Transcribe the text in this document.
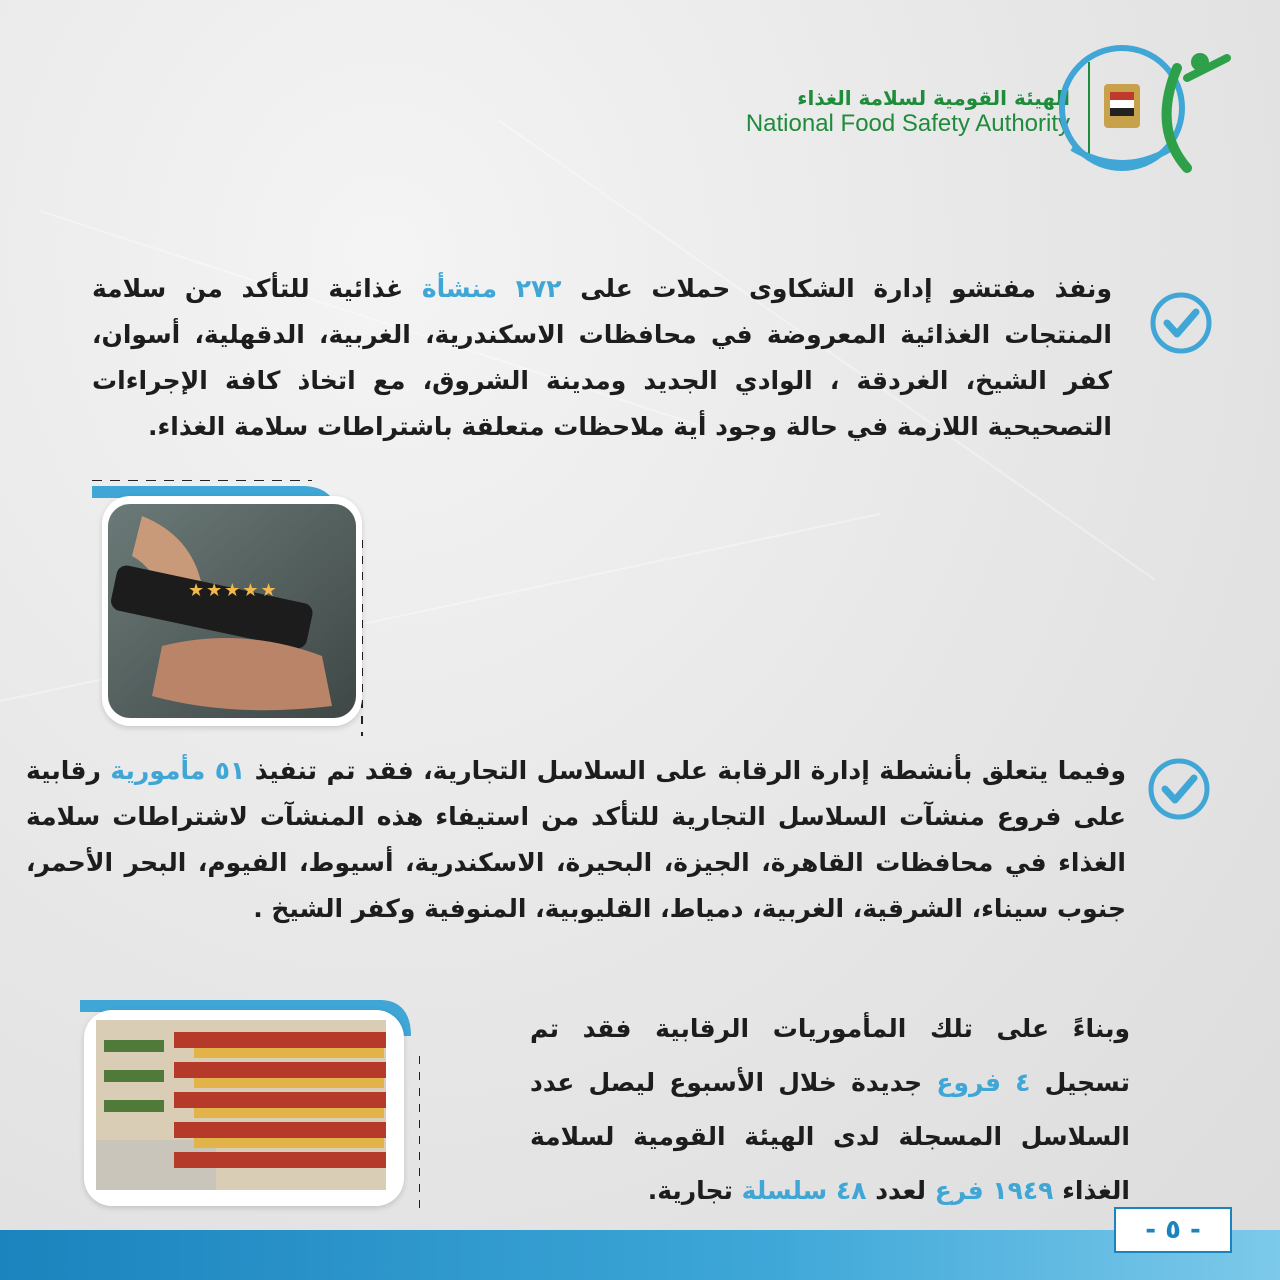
الهيئة القومية لسلامة الغذاء
National Food Safety Authority
ونفذ مفتشو إدارة الشكاوى حملات على ٢٧٢ منشأة غذائية للتأكد من سلامة المنتجات الغذائية المعروضة في محافظات الاسكندرية، الغربية، الدقهلية، أسوان، كفر الشيخ، الغردقة ، الوادي الجديد ومدينة الشروق، مع اتخاذ كافة الإجراءات التصحيحية اللازمة في حالة وجود أية ملاحظات متعلقة باشتراطات سلامة الغذاء.
★★★★★
وفيما يتعلق بأنشطة إدارة الرقابة على السلاسل التجارية، فقد تم تنفيذ ٥١ مأمورية رقابية على فروع منشآت السلاسل التجارية للتأكد من استيفاء هذه المنشآت لاشتراطات سلامة الغذاء في محافظات القاهرة، الجيزة، البحيرة، الاسكندرية، أسيوط، الفيوم، البحر الأحمر، جنوب سيناء، الشرقية، الغربية، دمياط، القليوبية، المنوفية وكفر الشيخ .
وبناءً على تلك المأموريات الرقابية فقد تم تسجيل ٤ فروع جديدة خلال الأسبوع ليصل عدد السلاسل المسجلة لدى الهيئة القومية لسلامة الغذاء ١٩٤٩ فرع لعدد ٤٨ سلسلة تجارية.
- ٥ -
